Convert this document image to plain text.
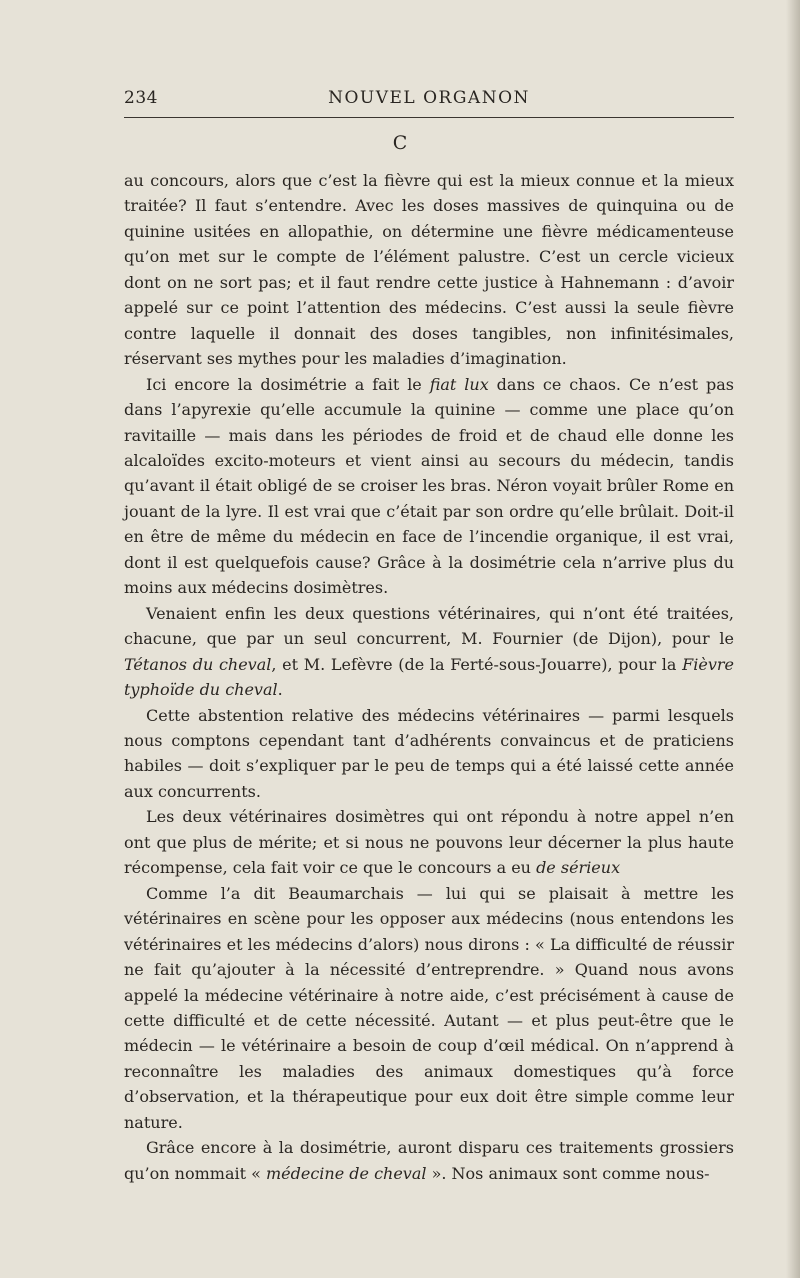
234	NOUVEL ORGANON
C

au concours, alors que c’est la fièvre qui est la mieux connue et la mieux traitée? Il faut s’entendre. Avec les doses massives de quinquina ou de quinine usitées en allopathie, on détermine une fièvre médicamenteuse qu’on met sur le compte de l’élément palustre. C’est un cercle vicieux dont on ne sort pas; et il faut rendre cette justice à Hahnemann : d’avoir appelé sur ce point l’attention des médecins. C’est aussi la seule fièvre contre laquelle il donnait des doses tangibles, non infinitésimales, réservant ses mythes pour les maladies d’imagination.

Ici encore la dosimétrie a fait le fiat lux dans ce chaos. Ce n’est pas dans l’apyrexie qu’elle accumule la quinine — comme une place qu’on ravitaille — mais dans les périodes de froid et de chaud elle donne les alcaloïdes excito-moteurs et vient ainsi au secours du médecin, tandis qu’avant il était obligé de se croiser les bras. Néron voyait brûler Rome en jouant de la lyre. Il est vrai que c’était par son ordre qu’elle brûlait. Doit-il en être de même du médecin en face de l’incendie organique, il est vrai, dont il est quelquefois cause? Grâce à la dosimétrie cela n’arrive plus du moins aux médecins dosimètres.

Venaient enfin les deux questions vétérinaires, qui n’ont été traitées, chacune, que par un seul concurrent, M. Fournier (de Dijon), pour le Tétanos du cheval, et M. Lefèvre (de la Ferté-sous-Jouarre), pour la Fièvre typhoïde du cheval.

Cette abstention relative des médecins vétérinaires — parmi lesquels nous comptons cependant tant d’adhérents convaincus et de praticiens habiles — doit s’expliquer par le peu de temps qui a été laissé cette année aux concurrents.

Les deux vétérinaires dosimètres qui ont répondu à notre appel n’en ont que plus de mérite; et si nous ne pouvons leur décerner la plus haute récompense, cela fait voir ce que le concours a eu de sérieux

Comme l’a dit Beaumarchais — lui qui se plaisait à mettre les vétérinaires en scène pour les opposer aux médecins (nous entendons les vétérinaires et les médecins d’alors) nous dirons : « La difficulté de réussir ne fait qu’ajouter à la nécessité d’entreprendre. » Quand nous avons appelé la médecine vétérinaire à notre aide, c’est précisément à cause de cette difficulté et de cette nécessité. Autant — et plus peut-être que le médecin — le vétérinaire a besoin de coup d’œil médical. On n’apprend à reconnaître les maladies des animaux domestiques qu’à force d’observation, et la thérapeutique pour eux doit être simple comme leur nature.

Grâce encore à la dosimétrie, auront disparu ces traitements grossiers qu’on nommait « médecine de cheval ». Nos animaux sont comme nous-
